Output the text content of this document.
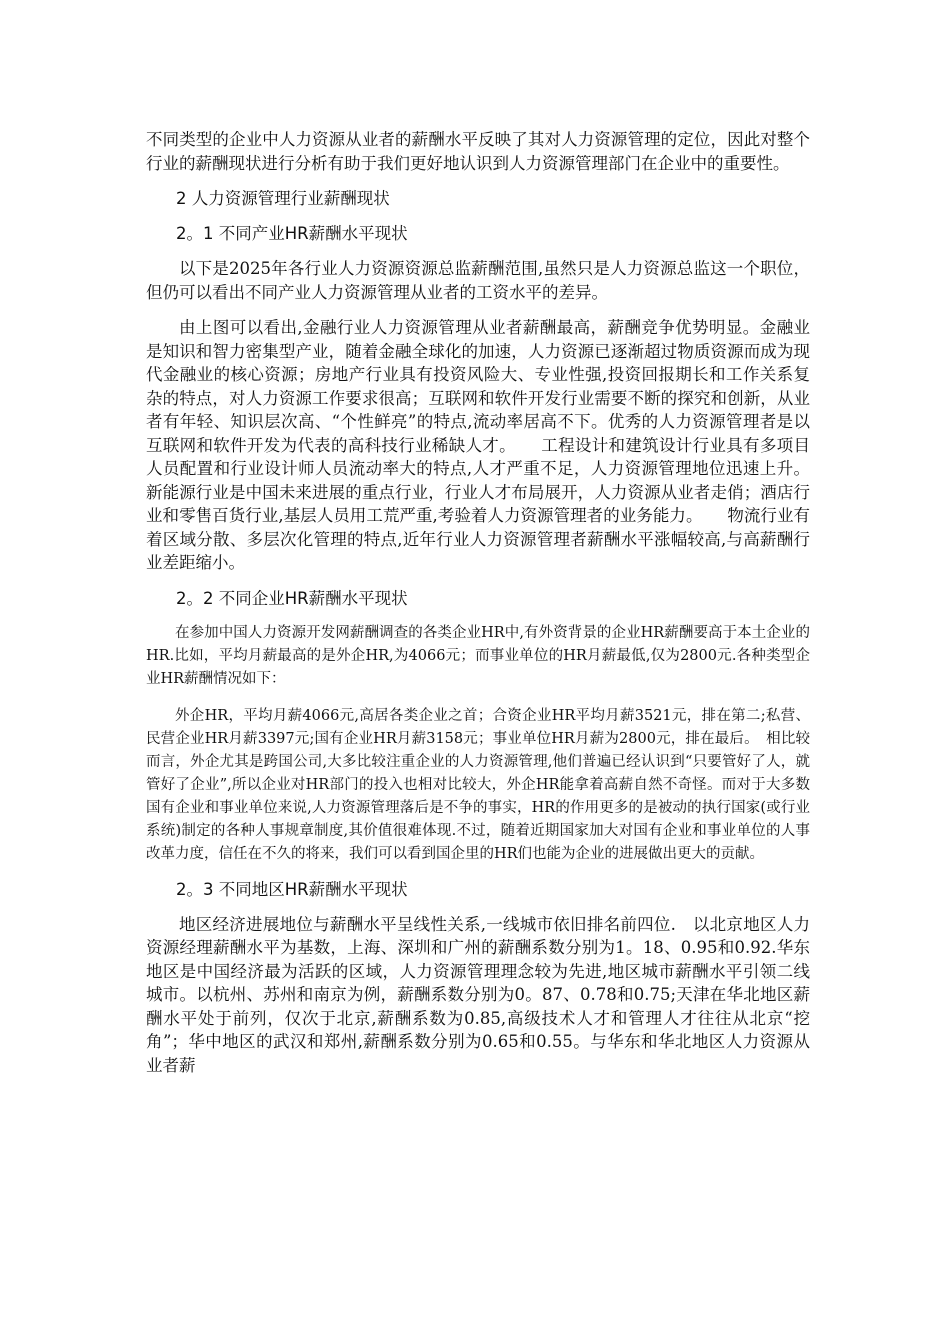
不同类型的企业中人力资源从业者的薪酬水平反映了其对人力资源管理的定位，因此对整个行业的薪酬现状进行分析有助于我们更好地认识到人力资源管理部门在企业中的重要性。

2 人力资源管理行业薪酬现状

2。1 不同产业HR薪酬水平现状

以下是2025年各行业人力资源资源总监薪酬范围,虽然只是人力资源总监这一个职位，但仍可以看出不同产业人力资源管理从业者的工资水平的差异。

由上图可以看出,金融行业人力资源管理从业者薪酬最高，薪酬竞争优势明显。金融业是知识和智力密集型产业，随着金融全球化的加速，人力资源已逐渐超过物质资源而成为现代金融业的核心资源；房地产行业具有投资风险大、专业性强,投资回报期长和工作关系复杂的特点，对人力资源工作要求很高；互联网和软件开发行业需要不断的探究和创新，从业者有年轻、知识层次高、“个性鲜亮”的特点,流动率居高不下。优秀的人力资源管理者是以互联网和软件开发为代表的高科技行业稀缺人才。　　工程设计和建筑设计行业具有多项目人员配置和行业设计师人员流动率大的特点,人才严重不足，人力资源管理地位迅速上升。新能源行业是中国未来进展的重点行业，行业人才布局展开，人力资源从业者走俏；酒店行业和零售百货行业,基层人员用工荒严重,考验着人力资源管理者的业务能力。　　物流行业有着区域分散、多层次化管理的特点,近年行业人力资源管理者薪酬水平涨幅较高,与高薪酬行业差距缩小。

2。2 不同企业HR薪酬水平现状

在参加中国人力资源开发网薪酬调查的各类企业HR中,有外资背景的企业HR薪酬要高于本土企业的HR.比如，平均月薪最高的是外企HR,为4066元；而事业单位的HR月薪最低,仅为2800元.各种类型企业HR薪酬情况如下：

外企HR，平均月薪4066元,高居各类企业之首；合资企业HR平均月薪3521元，排在第二;私营、民营企业HR月薪3397元;国有企业HR月薪3158元；事业单位HR月薪为2800元，排在最后。　相比较而言，外企尤其是跨国公司,大多比较注重企业的人力资源管理,他们普遍已经认识到“只要管好了人，就管好了企业”,所以企业对HR部门的投入也相对比较大，外企HR能拿着高薪自然不奇怪。而对于大多数国有企业和事业单位来说,人力资源管理落后是不争的事实，HR的作用更多的是被动的执行国家(或行业系统)制定的各种人事规章制度,其价值很难体现.不过，随着近期国家加大对国有企业和事业单位的人事改革力度，信任在不久的将来，我们可以看到国企里的HR们也能为企业的进展做出更大的贡献。

2。3 不同地区HR薪酬水平现状

地区经济进展地位与薪酬水平呈线性关系,一线城市依旧排名前四位.　以北京地区人力资源经理薪酬水平为基数，上海、深圳和广州的薪酬系数分别为1。18、0.95和0.92.华东地区是中国经济最为活跃的区域，人力资源管理理念较为先进,地区城市薪酬水平引领二线城市。以杭州、苏州和南京为例，薪酬系数分别为0。87、0.78和0.75;天津在华北地区薪酬水平处于前列，仅次于北京,薪酬系数为0.85,高级技术人才和管理人才往往从北京“挖角”；华中地区的武汉和郑州,薪酬系数分别为0.65和0.55。与华东和华北地区人力资源从业者薪
